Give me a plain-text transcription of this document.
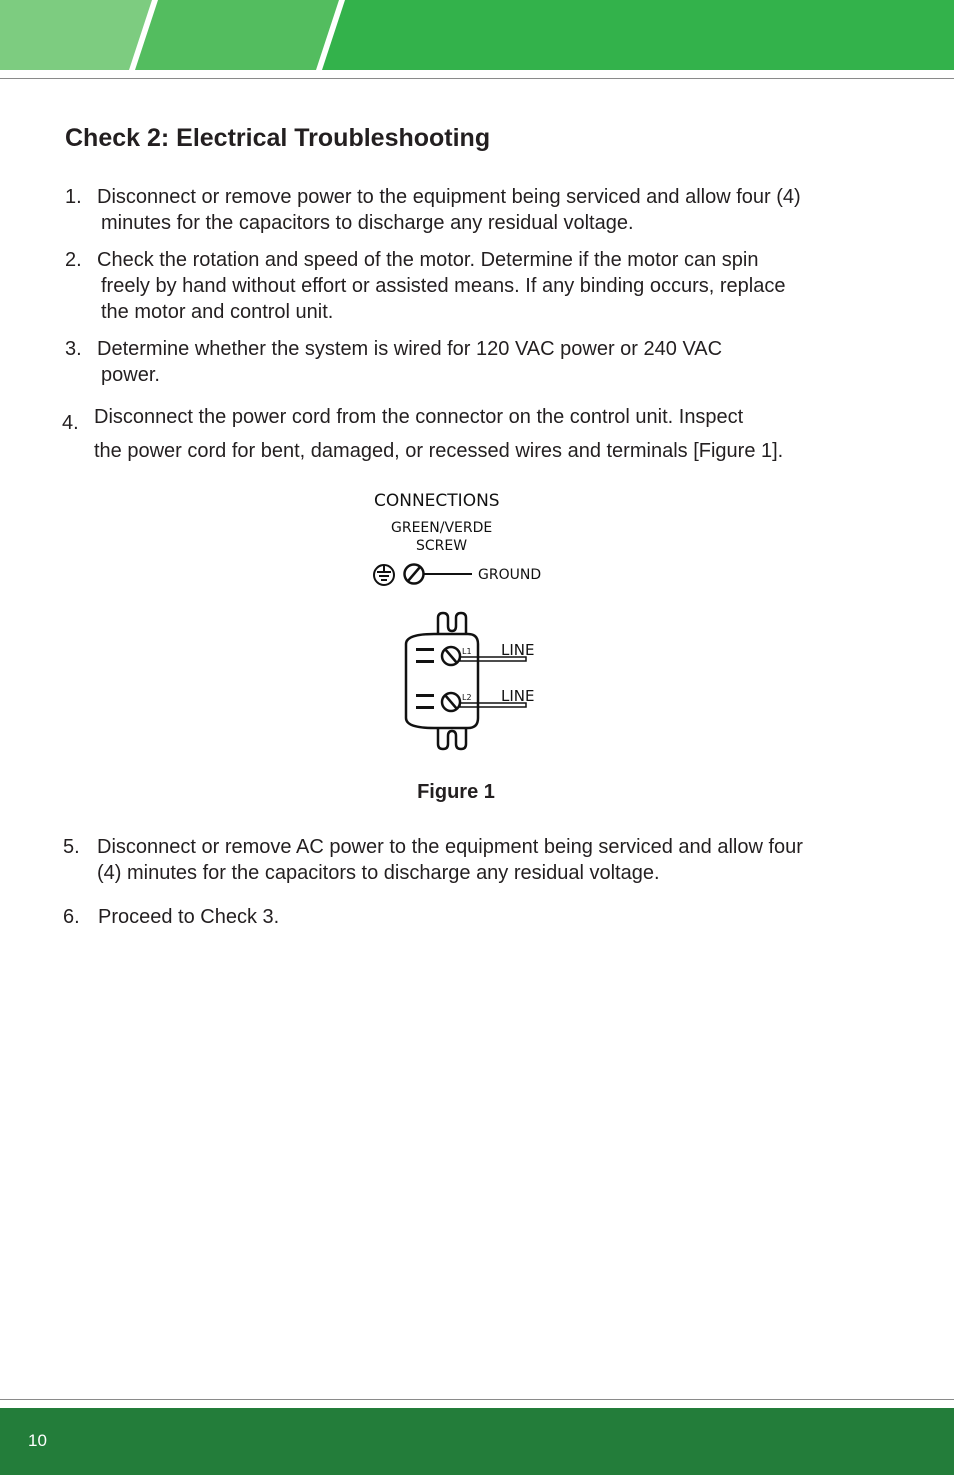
Check 2: Electrical Troubleshooting
1. Disconnect or remove power to the equipment being serviced and allow four (4)
minutes for the capacitors to discharge any residual voltage.
2. Check the rotation and speed of the motor. Determine if the motor can spin
freely by hand without effort or assisted means. If any binding occurs, replace
the motor and control unit.
3. Determine whether the system is wired for 120 VAC power or 240 VAC
power.
4. Disconnect the power cord from the connector on the control unit. Inspect
the power cord for bent, damaged, or recessed wires and terminals [Figure 1].
CONNECTIONS
GREEN/VERDE
SCREW
GROUND
L1
L2
LINE
LINE
Figure 1
5. Disconnect or remove AC power to the equipment being serviced and allow four
(4) minutes for the capacitors to discharge any residual voltage.
6. Proceed to Check 3.
10
